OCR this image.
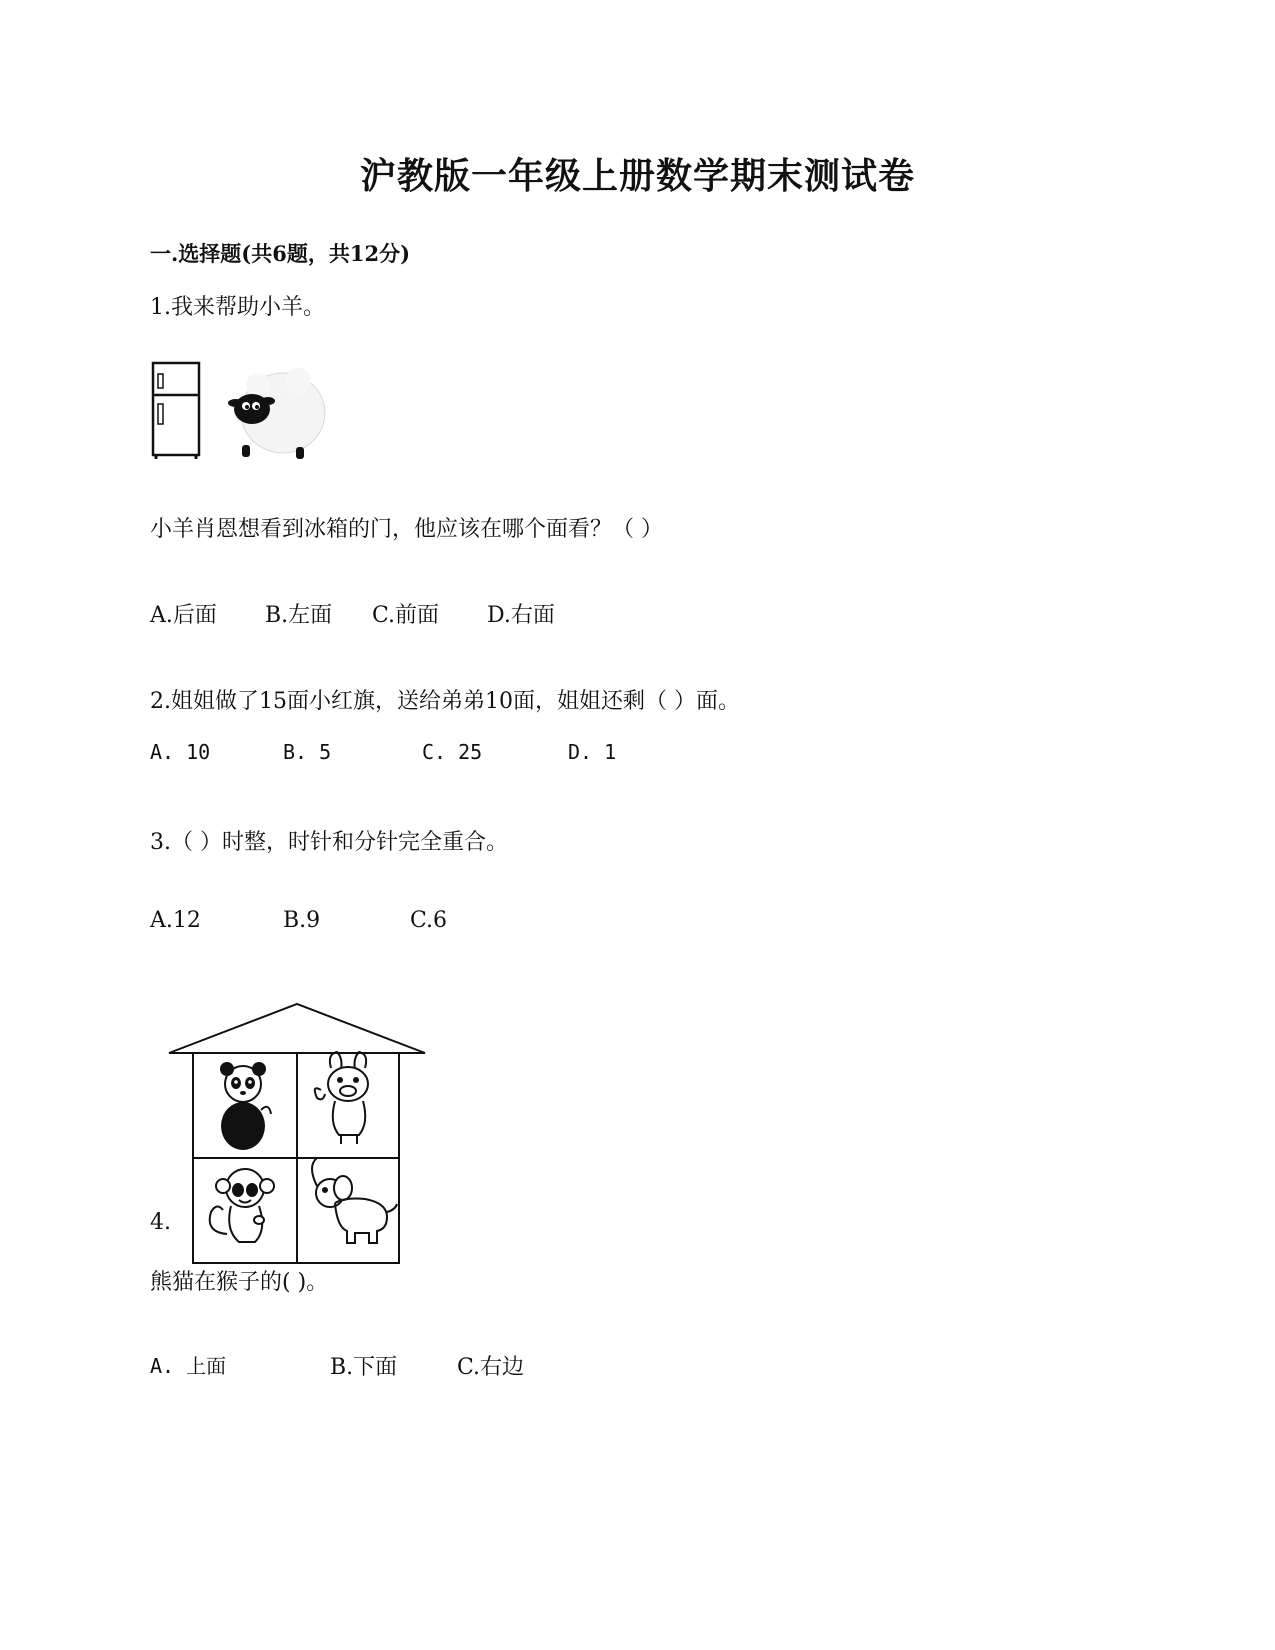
沪教版一年级上册数学期末测试卷
一.选择题(共6题，共12分)
1.我来帮助小羊。
小羊肖恩想看到冰箱的门，他应该在哪个面看？（ ）
A.后面 B.左面 C.前面 D.右面
2.姐姐做了15面小红旗，送给弟弟10面，姐姐还剩（ ）面。
A. 10	B. 5	C. 25	D. 1
3.（ ）时整，时针和分针完全重合。
A.12	B.9	C.6
4.
熊猫在猴子的( )。
A. 上面	B.下面	C.右边
